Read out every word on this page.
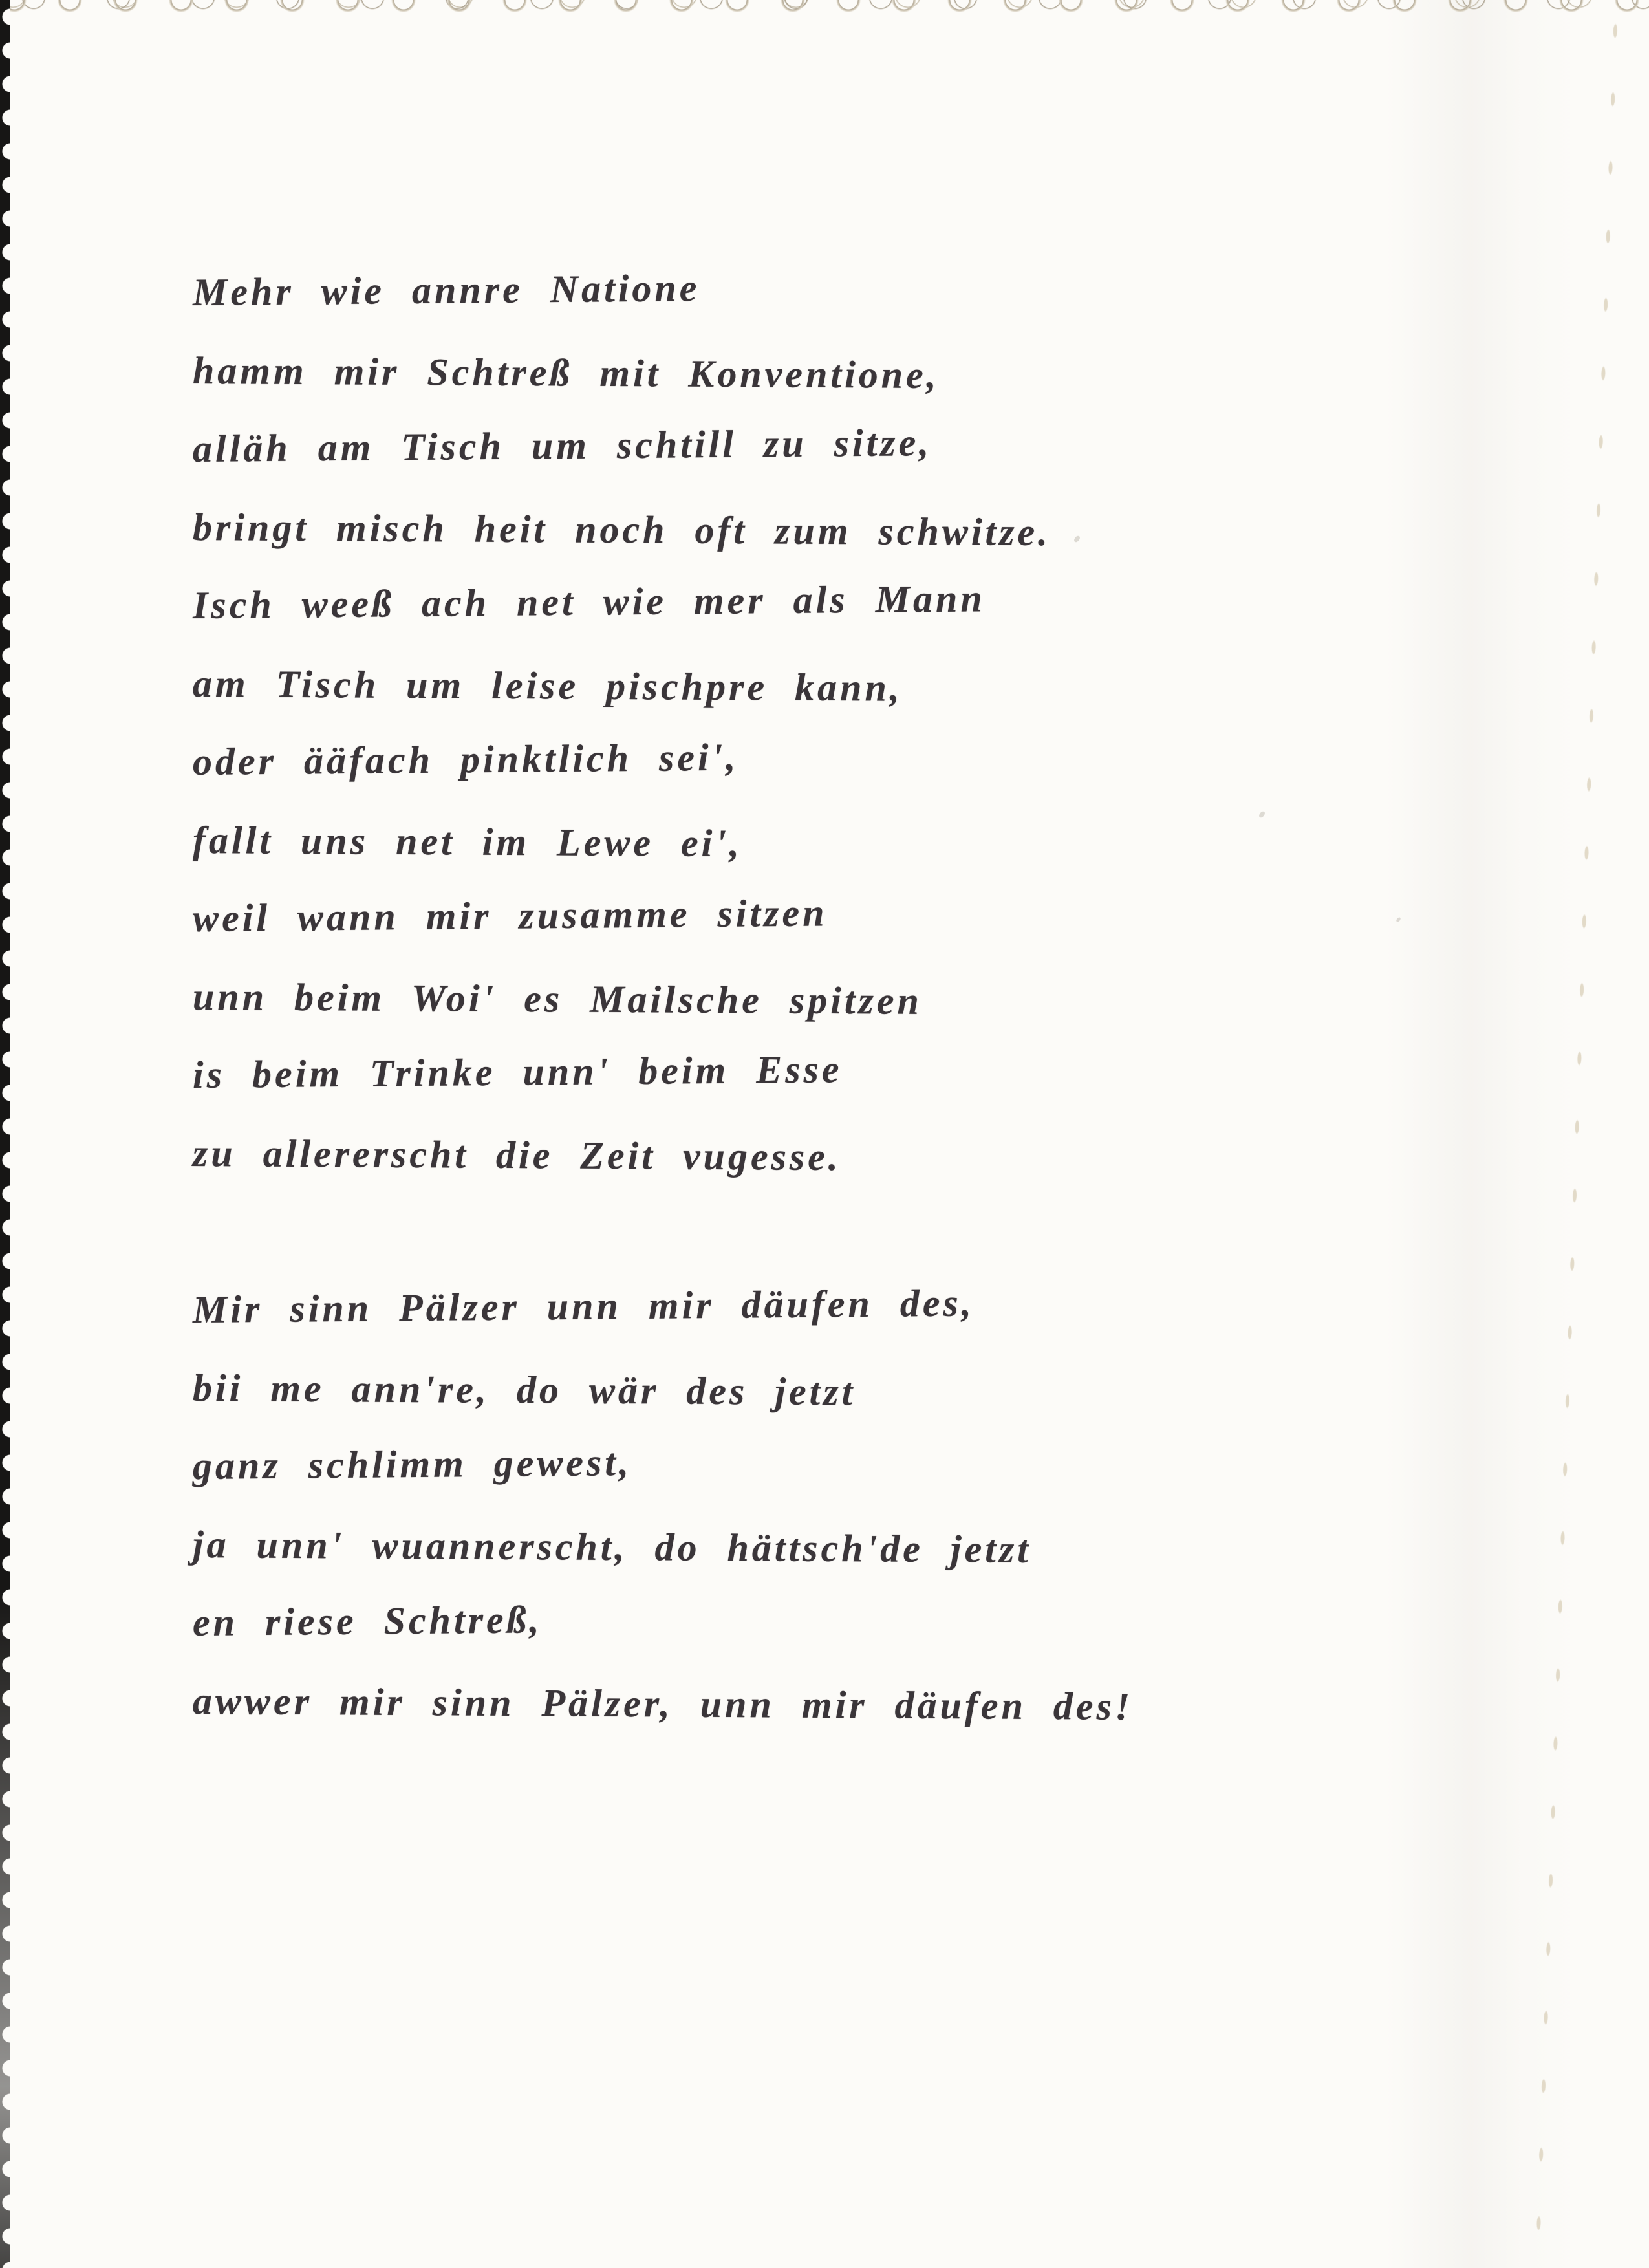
Mehr wie annre Natione
hamm mir Schtreß mit Konventione,
alläh am Tisch um schtill zu sitze,
bringt misch heit noch oft zum schwitze.
Isch weeß ach net wie mer als Mann
am Tisch um leise pischpre kann,
oder ääfach pinktlich sei',
fallt uns net im Lewe ei',
weil wann mir zusamme sitzen
unn beim Woi' es Mailsche spitzen
is beim Trinke unn' beim Esse
zu allererscht die Zeit vugesse.
Mir sinn Pälzer unn mir däufen des,
bii me ann're, do wär des jetzt
ganz schlimm gewest,
ja unn' wuannerscht, do hättsch'de jetzt
en riese Schtreß,
awwer mir sinn Pälzer, unn mir däufen des!
